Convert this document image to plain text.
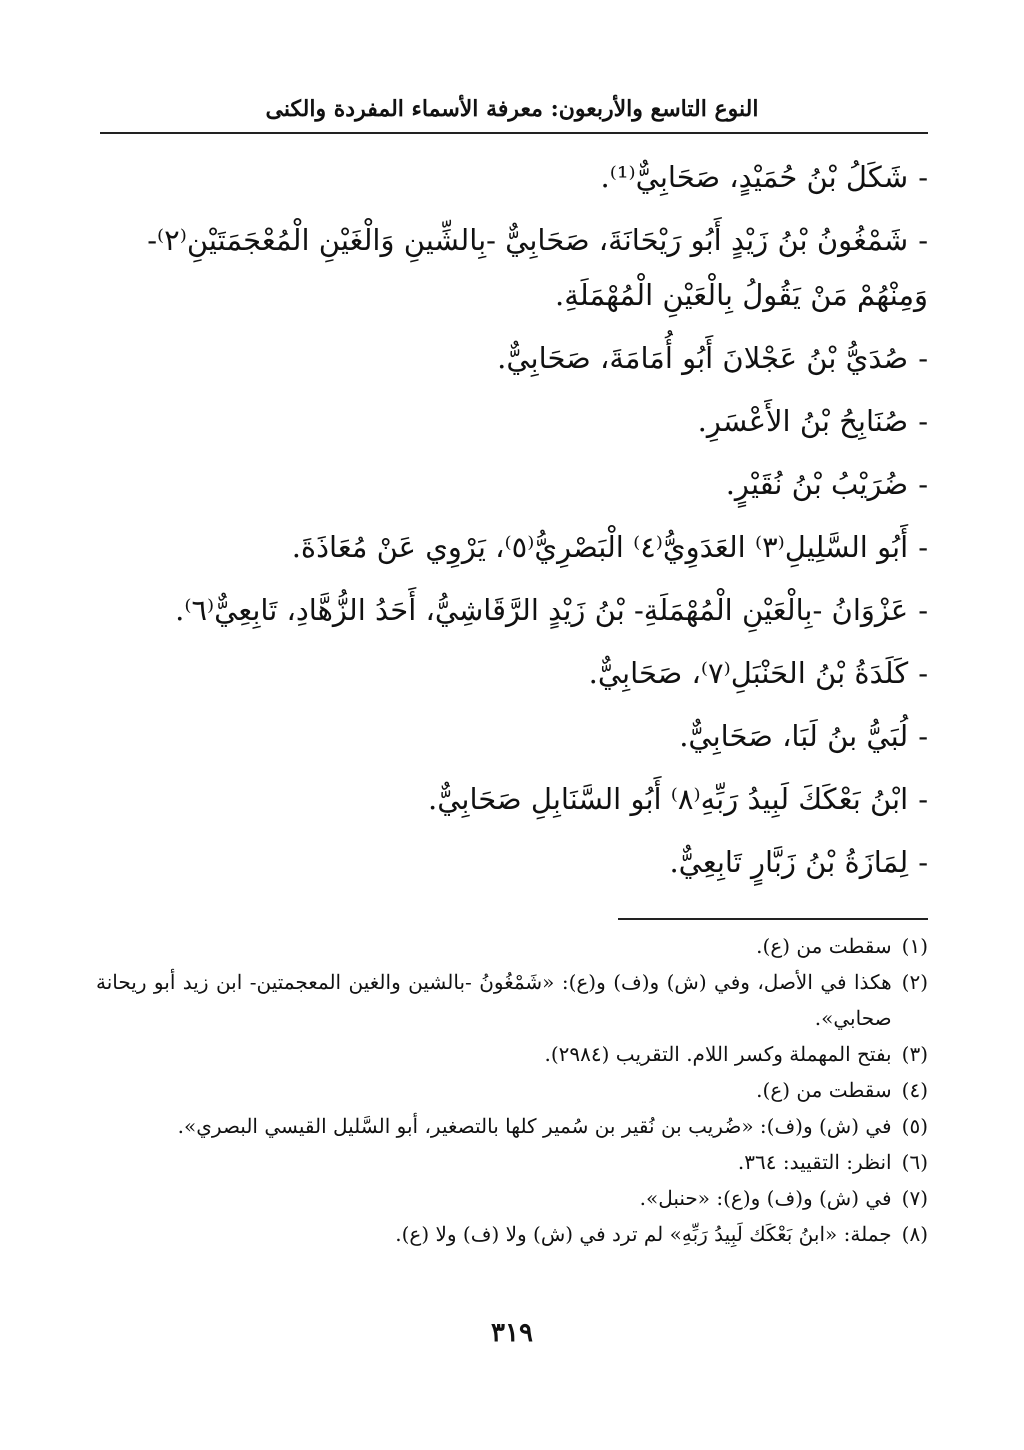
النوع التاسع والأربعون: معرفة الأسماء المفردة والكنى
-شَكَلُ بْنُ حُمَيْدٍ، صَحَابِيٌّ⁽¹⁾.
-شَمْغُونُ بْنُ زَيْدٍ أَبُو رَيْحَانَةَ، صَحَابِيٌّ -بِالشِّينِ وَالْغَيْنِ الْمُعْجَمَتَيْنِ⁽٢⁾- وَمِنْهُمْ مَنْ يَقُولُ بِالْعَيْنِ الْمُهْمَلَةِ.
-صُدَيُّ بْنُ عَجْلانَ أَبُو أُمَامَةَ، صَحَابِيٌّ.
-صُنَابِحُ بْنُ الأَعْسَرِ.
-ضُرَيْبُ بْنُ نُقَيْرٍ.
-أَبُو السَّلِيلِ⁽٣⁾ العَدَوِيُّ⁽٤⁾ الْبَصْرِيُّ⁽٥⁾، يَرْوِي عَنْ مُعَاذَةَ.
-عَزْوَانُ -بِالْعَيْنِ الْمُهْمَلَةِ- بْنُ زَيْدٍ الرَّقَاشِيُّ، أَحَدُ الزُّهَّادِ، تَابِعِيٌّ⁽٦⁾.
-كَلَدَةُ بْنُ الحَنْبَلِ⁽٧⁾، صَحَابِيٌّ.
-لُبَيُّ بنُ لَبَا، صَحَابِيٌّ.
-ابْنُ بَعْكَكَ لَبِيدُ رَبِّهِ⁽٨⁾ أَبُو السَّنَابِلِ صَحَابِيٌّ.
-لِمَازَةُ بْنُ زَبَّارٍ تَابِعِيٌّ.
(١)
سقطت من (ع).
(٢)
هكذا في الأصل، وفي (ش) و(ف) و(ع): «شَمْغُونُ -بالشين والغين المعجمتين- ابن زيد أبو ريحانة صحابي».
(٣)
بفتح المهملة وكسر اللام. التقريب (٢٩٨٤).
(٤)
سقطت من (ع).
(٥)
في (ش) و(ف): «ضُريب بن نُقير بن سُمير كلها بالتصغير، أبو السَّليل القيسي البصري».
(٦)
انظر: التقييد: ٣٦٤.
(٧)
في (ش) و(ف) و(ع): «حنبل».
(٨)
جملة: «ابنُ بَعْكَك لَبِيدُ رَبِّهِ» لم ترد في (ش) ولا (ف) ولا (ع).
٣١٩
